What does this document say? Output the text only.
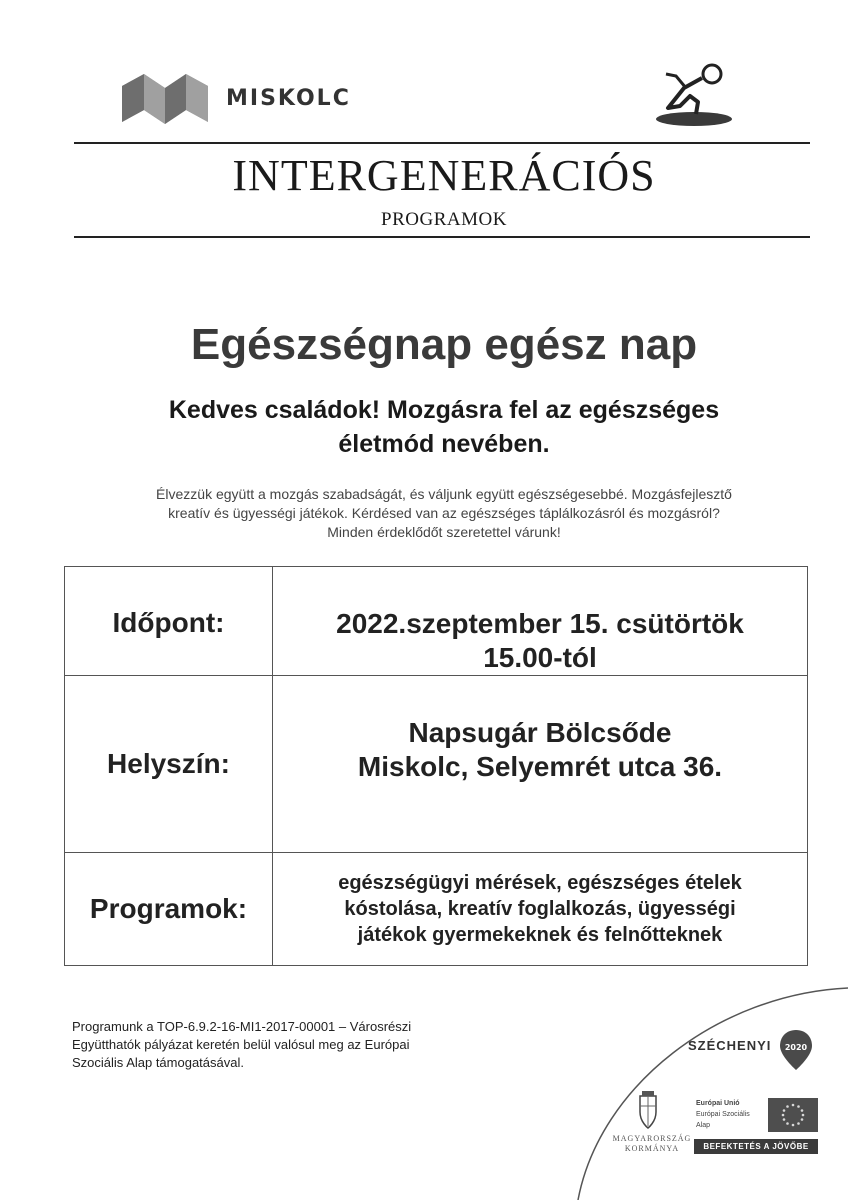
MISKOLC
INTERGENERÁCIÓS
PROGRAMOK
Egészségnap egész nap
Kedves családok! Mozgásra fel az egészséges
életmód nevében.
Élvezzük együtt a mozgás szabadságát, és váljunk együtt egészségesebbé. Mozgásfejlesztő
kreatív és ügyességi játékok. Kérdésed van az egészséges táplálkozásról és mozgásról?
Minden érdeklődőt szeretettel várunk!
Időpont:	2022.szeptember 15. csütörtök
15.00-tól
Helyszín:
Napsugár Bölcsőde
Miskolc, Selyemrét utca 36.
Programok:
egészségügyi mérések, egészséges ételek
kóstolása, kreatív foglalkozás, ügyességi
játékok gyermekeknek és felnőtteknek
Programunk a TOP-6.9.2-16-MI1-2017-00001 – Városrészi
Együtthatók pályázat keretén belül valósul meg az Európai
Szociális Alap támogatásával.
SZÉCHENYI 2020
MAGYARORSZÁG
KORMÁNYA
Európai Unió
Európai Szociális
Alap
BEFEKTETÉS A JÖVŐBE
